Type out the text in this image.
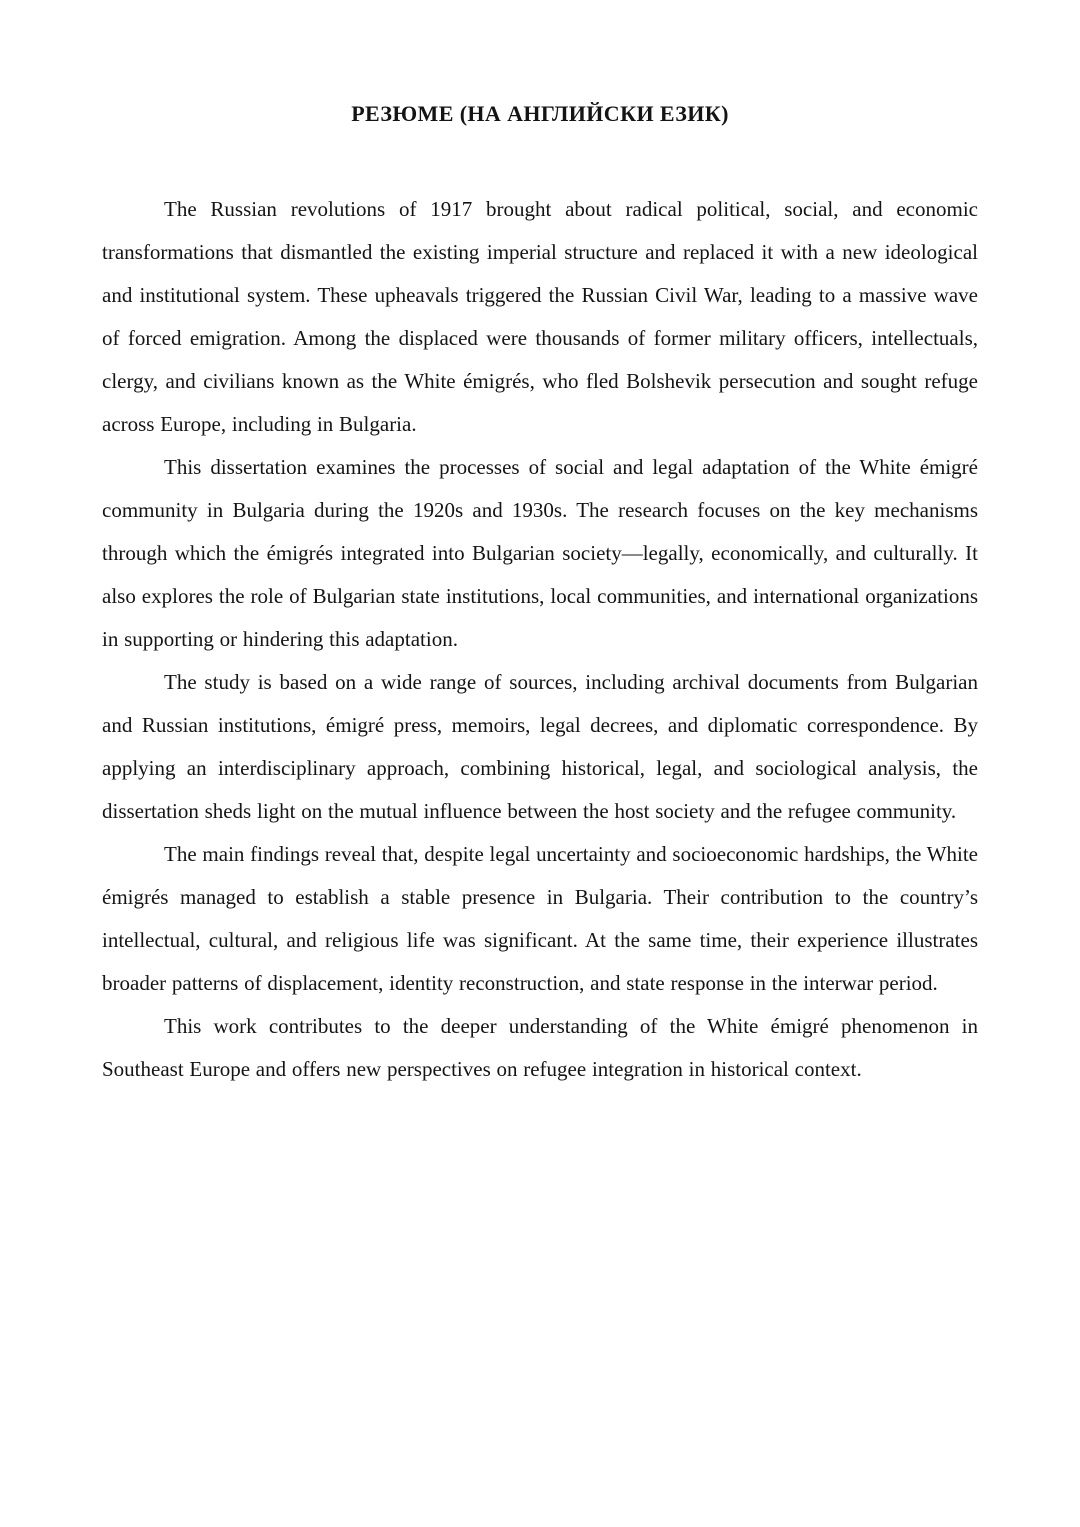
РЕЗЮМЕ (НА АНГЛИЙСКИ ЕЗИК)

The Russian revolutions of 1917 brought about radical political, social, and economic transformations that dismantled the existing imperial structure and replaced it with a new ideological and institutional system. These upheavals triggered the Russian Civil War, leading to a massive wave of forced emigration. Among the displaced were thousands of former military officers, intellectuals, clergy, and civilians known as the White émigrés, who fled Bolshevik persecution and sought refuge across Europe, including in Bulgaria.

This dissertation examines the processes of social and legal adaptation of the White émigré community in Bulgaria during the 1920s and 1930s. The research focuses on the key mechanisms through which the émigrés integrated into Bulgarian society—legally, economically, and culturally. It also explores the role of Bulgarian state institutions, local communities, and international organizations in supporting or hindering this adaptation.

The study is based on a wide range of sources, including archival documents from Bulgarian and Russian institutions, émigré press, memoirs, legal decrees, and diplomatic correspondence. By applying an interdisciplinary approach, combining historical, legal, and sociological analysis, the dissertation sheds light on the mutual influence between the host society and the refugee community.

The main findings reveal that, despite legal uncertainty and socioeconomic hardships, the White émigrés managed to establish a stable presence in Bulgaria. Their contribution to the country’s intellectual, cultural, and religious life was significant. At the same time, their experience illustrates broader patterns of displacement, identity reconstruction, and state response in the interwar period.

This work contributes to the deeper understanding of the White émigré phenomenon in Southeast Europe and offers new perspectives on refugee integration in historical context.
